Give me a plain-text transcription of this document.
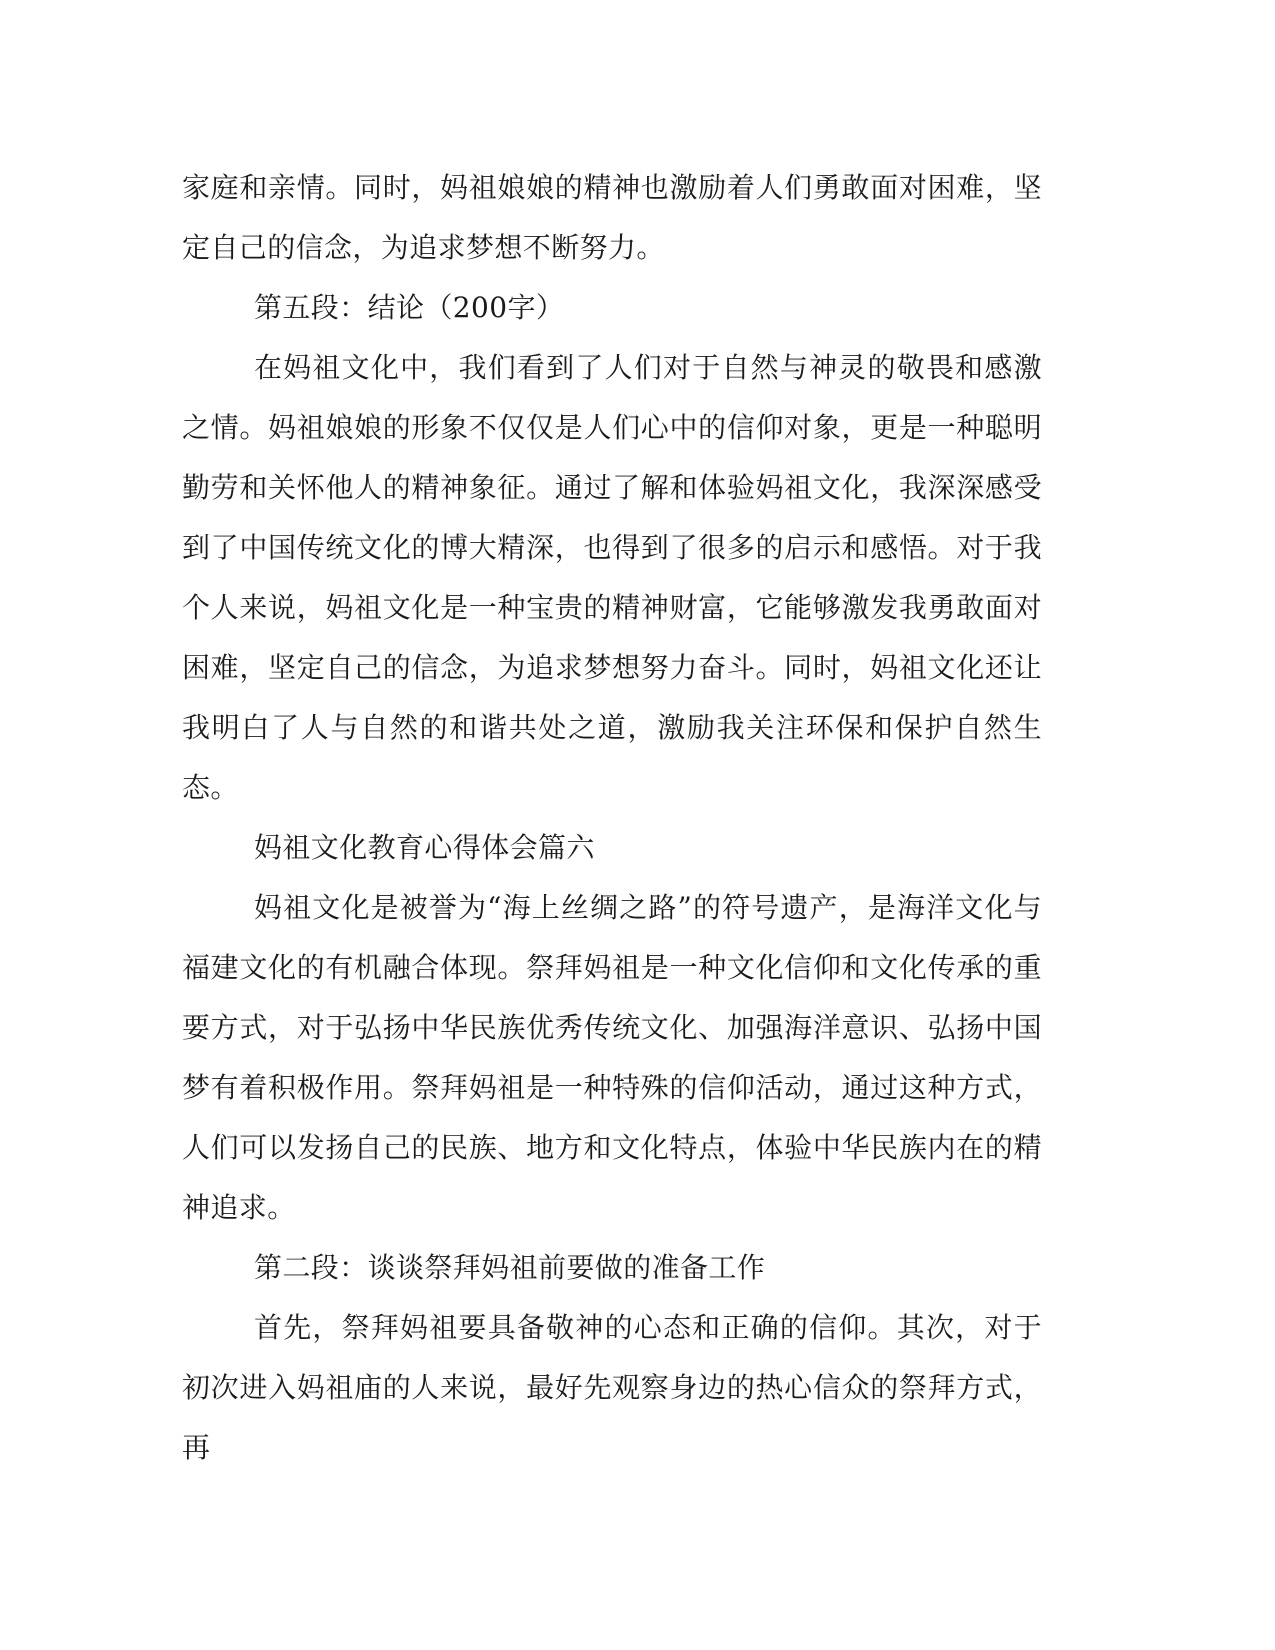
家庭和亲情。同时，妈祖娘娘的精神也激励着人们勇敢面对困难，坚定自己的信念，为追求梦想不断努力。

第五段：结论（200字）

在妈祖文化中，我们看到了人们对于自然与神灵的敬畏和感激之情。妈祖娘娘的形象不仅仅是人们心中的信仰对象，更是一种聪明勤劳和关怀他人的精神象征。通过了解和体验妈祖文化，我深深感受到了中国传统文化的博大精深，也得到了很多的启示和感悟。对于我个人来说，妈祖文化是一种宝贵的精神财富，它能够激发我勇敢面对困难，坚定自己的信念，为追求梦想努力奋斗。同时，妈祖文化还让我明白了人与自然的和谐共处之道，激励我关注环保和保护自然生态。

妈祖文化教育心得体会篇六

妈祖文化是被誉为“海上丝绸之路”的符号遗产，是海洋文化与福建文化的有机融合体现。祭拜妈祖是一种文化信仰和文化传承的重要方式，对于弘扬中华民族优秀传统文化、加强海洋意识、弘扬中国梦有着积极作用。祭拜妈祖是一种特殊的信仰活动，通过这种方式，人们可以发扬自己的民族、地方和文化特点，体验中华民族内在的精神追求。

第二段：谈谈祭拜妈祖前要做的准备工作

首先，祭拜妈祖要具备敬神的心态和正确的信仰。其次，对于初次进入妈祖庙的人来说，最好先观察身边的热心信众的祭拜方式，再
